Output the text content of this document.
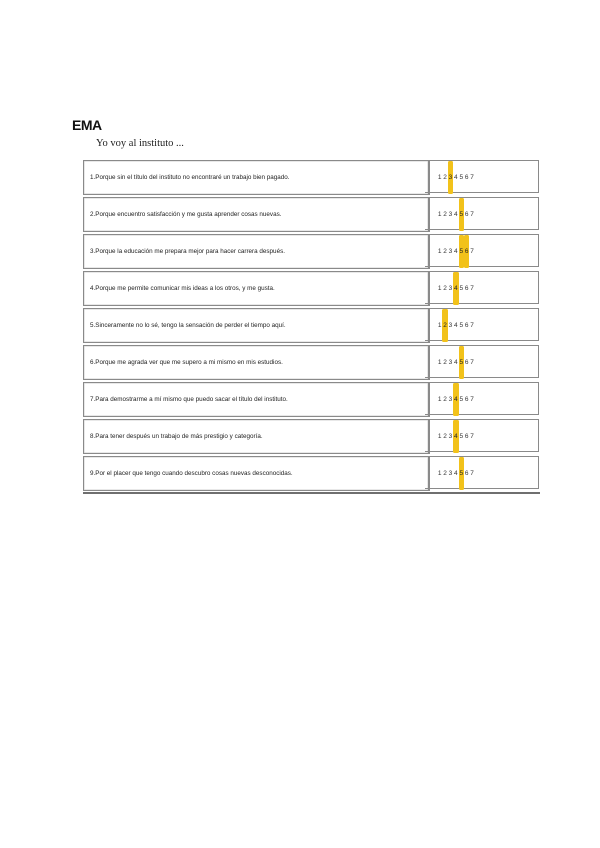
EMA
Yo voy al instituto ...
1.Porque sin el título del instituto no encontraré un trabajo bien pagado.	1 2 3 4 5 6 7
2.Porque encuentro satisfacción y me gusta aprender cosas nuevas.	1 2 3 4 5 6 7
3.Porque la educación me prepara mejor para hacer carrera después.	1 2 3 4 5 6 7
4.Porque me permite comunicar mis ideas a los otros, y me gusta.	1 2 3 4 5 6 7
5.Sinceramente no lo sé, tengo la sensación de perder el tiempo aquí.	1 2 3 4 5 6 7
6.Porque me agrada ver que me supero a mi mismo en mis estudios.	1 2 3 4 5 6 7
7.Para demostrarme a mí mismo que puedo sacar el título del instituto.	1 2 3 4 5 6 7
8.Para tener después un trabajo de más prestigio y categoría.	1 2 3 4 5 6 7
9.Por el placer que tengo cuando descubro cosas nuevas desconocidas.	1 2 3 4 5 6 7
